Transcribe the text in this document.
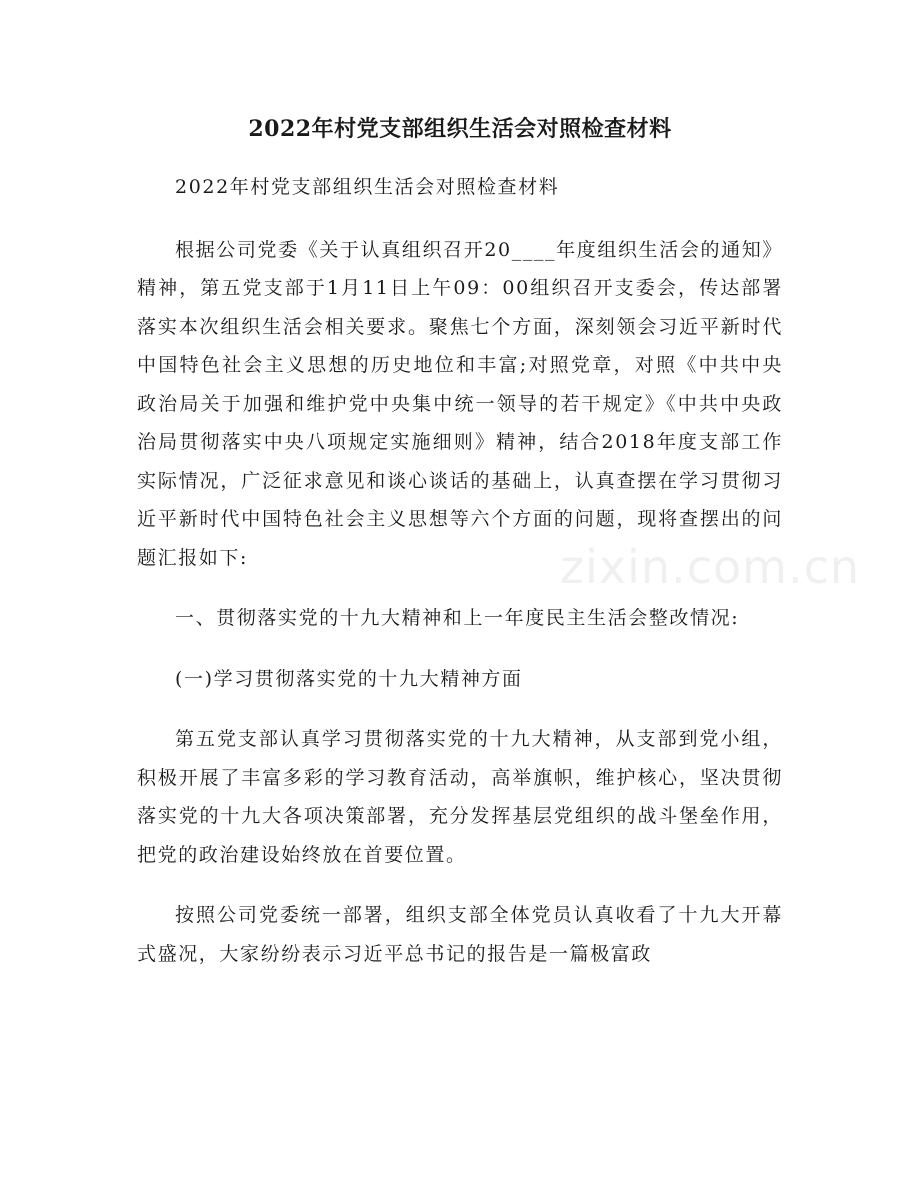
2022年村党支部组织生活会对照检查材料

2022年村党支部组织生活会对照检查材料

根据公司党委《关于认真组织召开20____年度组织生活会的通知》精神，第五党支部于1月11日上午09：00组织召开支委会，传达部署落实本次组织生活会相关要求。聚焦七个方面，深刻领会习近平新时代中国特色社会主义思想的历史地位和丰富;对照党章，对照《中共中央政治局关于加强和维护党中央集中统一领导的若干规定》《中共中央政治局贯彻落实中央八项规定实施细则》精神，结合2018年度支部工作实际情况，广泛征求意见和谈心谈话的基础上，认真查摆在学习贯彻习近平新时代中国特色社会主义思想等六个方面的问题，现将查摆出的问题汇报如下:

一、贯彻落实党的十九大精神和上一年度民主生活会整改情况:

(一)学习贯彻落实党的十九大精神方面

第五党支部认真学习贯彻落实党的十九大精神，从支部到党小组，积极开展了丰富多彩的学习教育活动，高举旗帜，维护核心，坚决贯彻落实党的十九大各项决策部署，充分发挥基层党组织的战斗堡垒作用，把党的政治建设始终放在首要位置。

按照公司党委统一部署，组织支部全体党员认真收看了十九大开幕式盛况，大家纷纷表示习近平总书记的报告是一篇极富政

zixin.com.cn
